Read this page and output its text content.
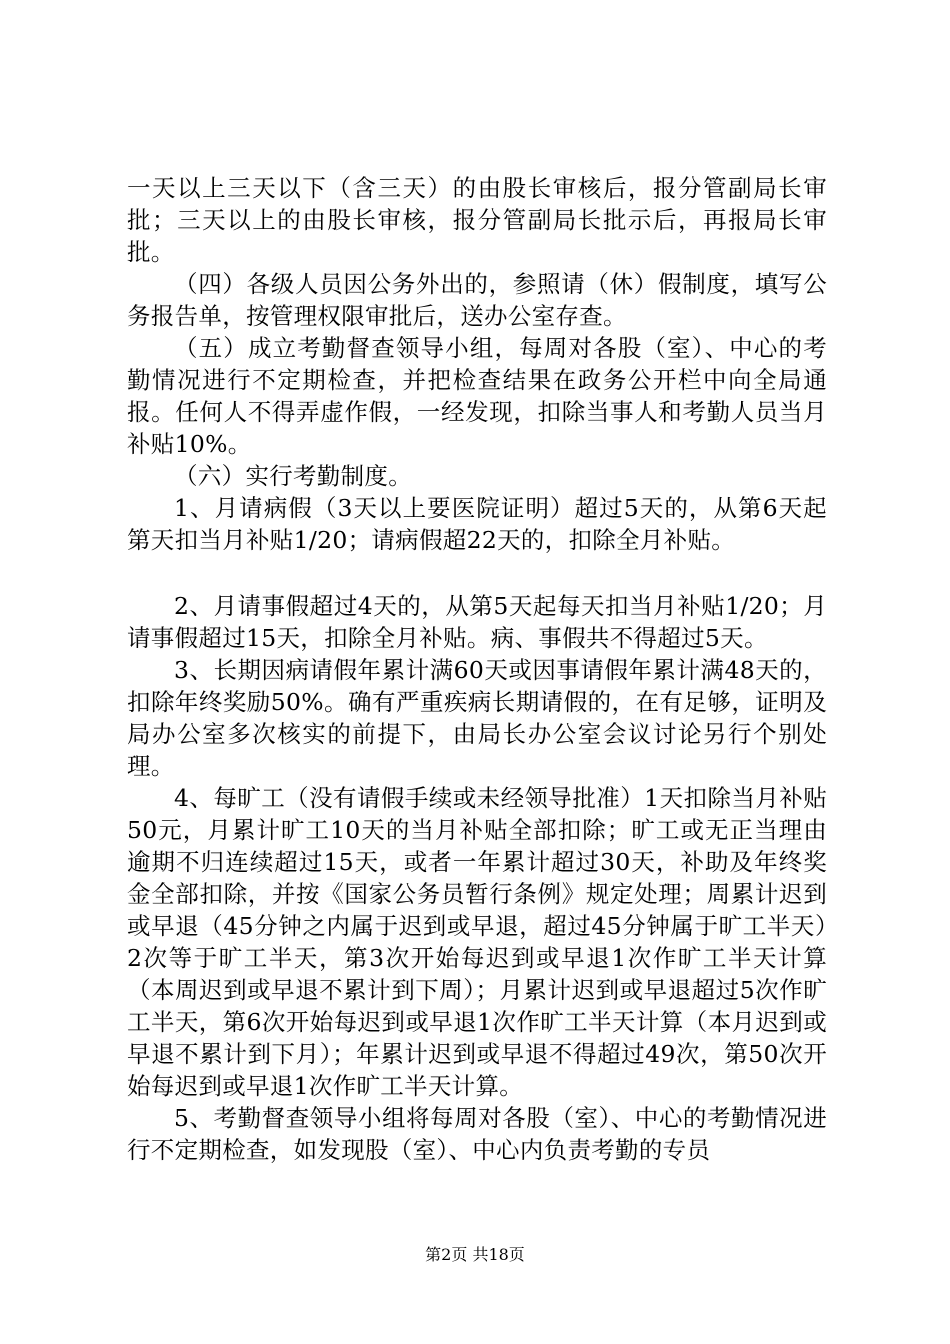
一天以上三天以下（含三天）的由股长审核后，报分管副局长审批；三天以上的由股长审核，报分管副局长批示后，再报局长审批。

（四）各级人员因公务外出的，参照请（休）假制度，填写公务报告单，按管理权限审批后，送办公室存查。

（五）成立考勤督查领导小组，每周对各股（室）、中心的考勤情况进行不定期检查，并把检查结果在政务公开栏中向全局通报。任何人不得弄虚作假，一经发现，扣除当事人和考勤人员当月补贴10%。

（六）实行考勤制度。

1、月请病假（3天以上要医院证明）超过5天的，从第6天起第天扣当月补贴1/20；请病假超22天的，扣除全月补贴。

2、月请事假超过4天的，从第5天起每天扣当月补贴1/20；月请事假超过15天，扣除全月补贴。病、事假共不得超过5天。

3、长期因病请假年累计满60天或因事请假年累计满48天的，扣除年终奖励50%。确有严重疾病长期请假的，在有足够，证明及局办公室多次核实的前提下，由局长办公室会议讨论另行个别处理。

4、每旷工（没有请假手续或未经领导批准）1天扣除当月补贴50元，月累计旷工10天的当月补贴全部扣除；旷工或无正当理由逾期不归连续超过15天，或者一年累计超过30天，补助及年终奖金全部扣除，并按《国家公务员暂行条例》规定处理；周累计迟到或早退（45分钟之内属于迟到或早退，超过45分钟属于旷工半天）2次等于旷工半天，第3次开始每迟到或早退1次作旷工半天计算（本周迟到或早退不累计到下周）；月累计迟到或早退超过5次作旷工半天，第6次开始每迟到或早退1次作旷工半天计算（本月迟到或早退不累计到下月）；年累计迟到或早退不得超过49次，第50次开始每迟到或早退1次作旷工半天计算。

5、考勤督查领导小组将每周对各股（室）、中心的考勤情况进行不定期检查，如发现股（室）、中心内负责考勤的专员

第2页 共18页
